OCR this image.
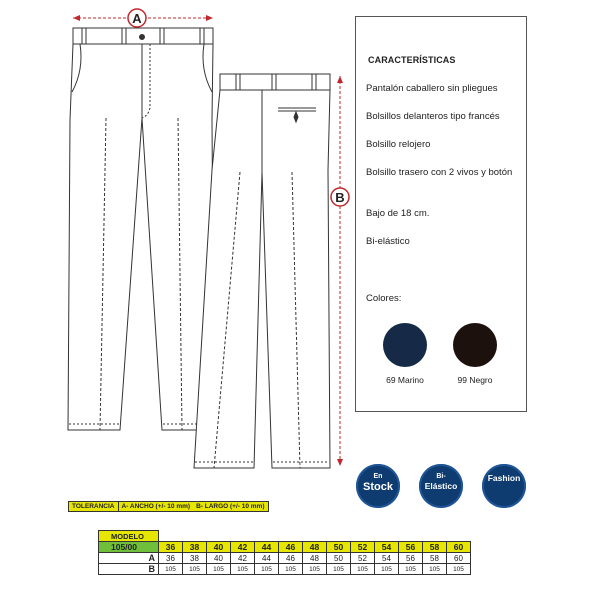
A
B
CARACTERÍSTICAS
Pantalón caballero sin pliegues
Bolsillos delanteros tipo francés
Bolsillo relojero
Bolsillo trasero con 2 vivos y botón
Bajo de 18 cm.
Bi-elástico
Colores:
69 Marino	99 Negro
En
Stock
Bi-
Elástico
Fashion
TOLERANCIA	A- ANCHO (+/- 10 mm) B- LARGO (+/- 10 mm)
MODELO													
105/00	36	38	40	42	44	46	48	50	52	54	56	58	60
A	36	38	40	42	44	46	48	50	52	54	56	58	60
B	105	105	105	105	105	105	105	105	105	105	105	105	105
